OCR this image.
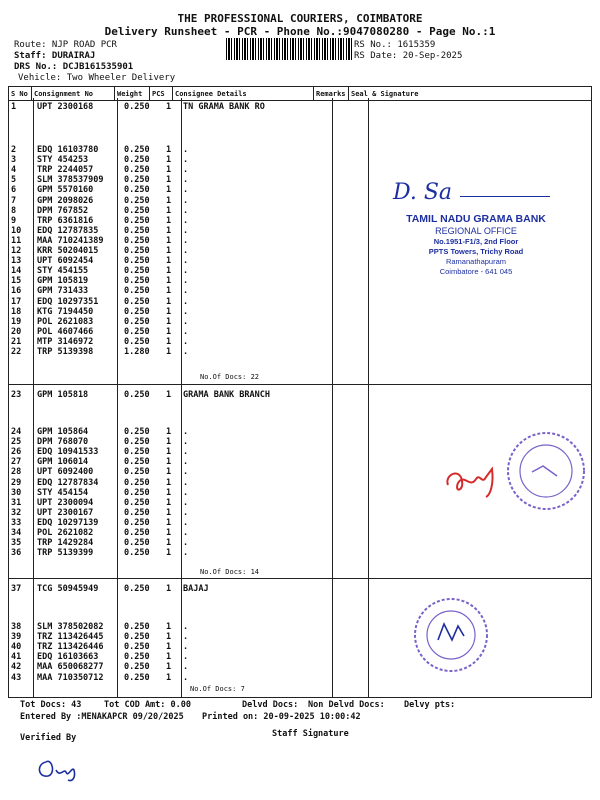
THE PROFESSIONAL COURIERS, COIMBATORE
Delivery Runsheet - PCR - Phone No.:9047080280 - Page No.:1
Route: NJP ROAD PCR
Staff: DURAIRAJ
DRS No.: DCJB161535901
Vehicle: Two Wheeler Delivery
RS No.: 1615359
RS Date: 20-Sep-2025
S No	Consignment No	Weight	PCS	Consignee Details	Remarks	Seal & Signature
1 UPT 2300168	0.250 1 TN GRAMA BANK RO
2 EDQ 16103780	0.250 1 .
3 STY 454253	0.250 1 .
4 TRP 2244057	0.250 1 .
5 SLM 378537909 0.250 1 .
6 GPM 5570160	0.250 1 .
7 GPM 2098026	0.250 1 .
8 DPM 767852	0.250 1 .
9 TRP 6361816	0.250 1 .
10 EDQ 12787835	0.250 1 .
11 MAA 710241389 0.250 1 .
12 KRR 50204015	0.250 1 .
13 UPT 6092454	0.250 1 .
14 STY 454155	0.250 1 .
15 GPM 105819	0.250 1 .
16 GPM 731433	0.250 1 .
17 EDQ 10297351	0.250 1 .
18 KTG 7194450	0.250 1 .
19 POL 2621083	0.250 1 .
20 POL 4607466	0.250 1 .
21 MTP 3146972	0.250 1 .
22 TRP 5139398	1.280 1 .
No.Of Docs: 22
23 GPM 105818	0.250 1 GRAMA BANK BRANCH
24 GPM 105864	0.250 1 .
25 DPM 768070	0.250 1 .
26 EDQ 10941533	0.250 1 .
27 GPM 106014	0.250 1 .
28 UPT 6092400	0.250 1 .
29 EDQ 12787834	0.250 1 .
30 STY 454154	0.250 1 .
31 UPT 2300094	0.250 1 .
32 UPT 2300167	0.250 1 .
33 EDQ 10297139	0.250 1 .
34 POL 2621082	0.250 1 .
35 TRP 1429284	0.250 1 .
36 TRP 5139399	0.250 1 .
No.Of Docs: 14
37 TCG 50945949	0.250 1 BAJAJ
38 SLM 378502082 0.250 1 .
39 TRZ 113426445 0.250 1 .
40 TRZ 113426446 0.250 1 .
41 EDQ 16103663	0.250 1 .
42 MAA 650068277 0.250 1 .
43 MAA 710350712 0.250 1 .
No.Of Docs: 7
Tot Docs: 43	Tot COD Amt: 0.00	Delvd Docs: Non Delvd Docs: Delvy pts:
Entered By :MENAKAPCR 09/20/2025 Printed on: 20-09-2025 10:00:42
Verified By	Staff Signature
D. Sa
TAMIL NADU GRAMA BANK
REGIONAL OFFICE
No.1951-F1/3, 2nd Floor
PPTS Towers, Trichy Road
Ramanathapuram
Coimbatore - 641 045
